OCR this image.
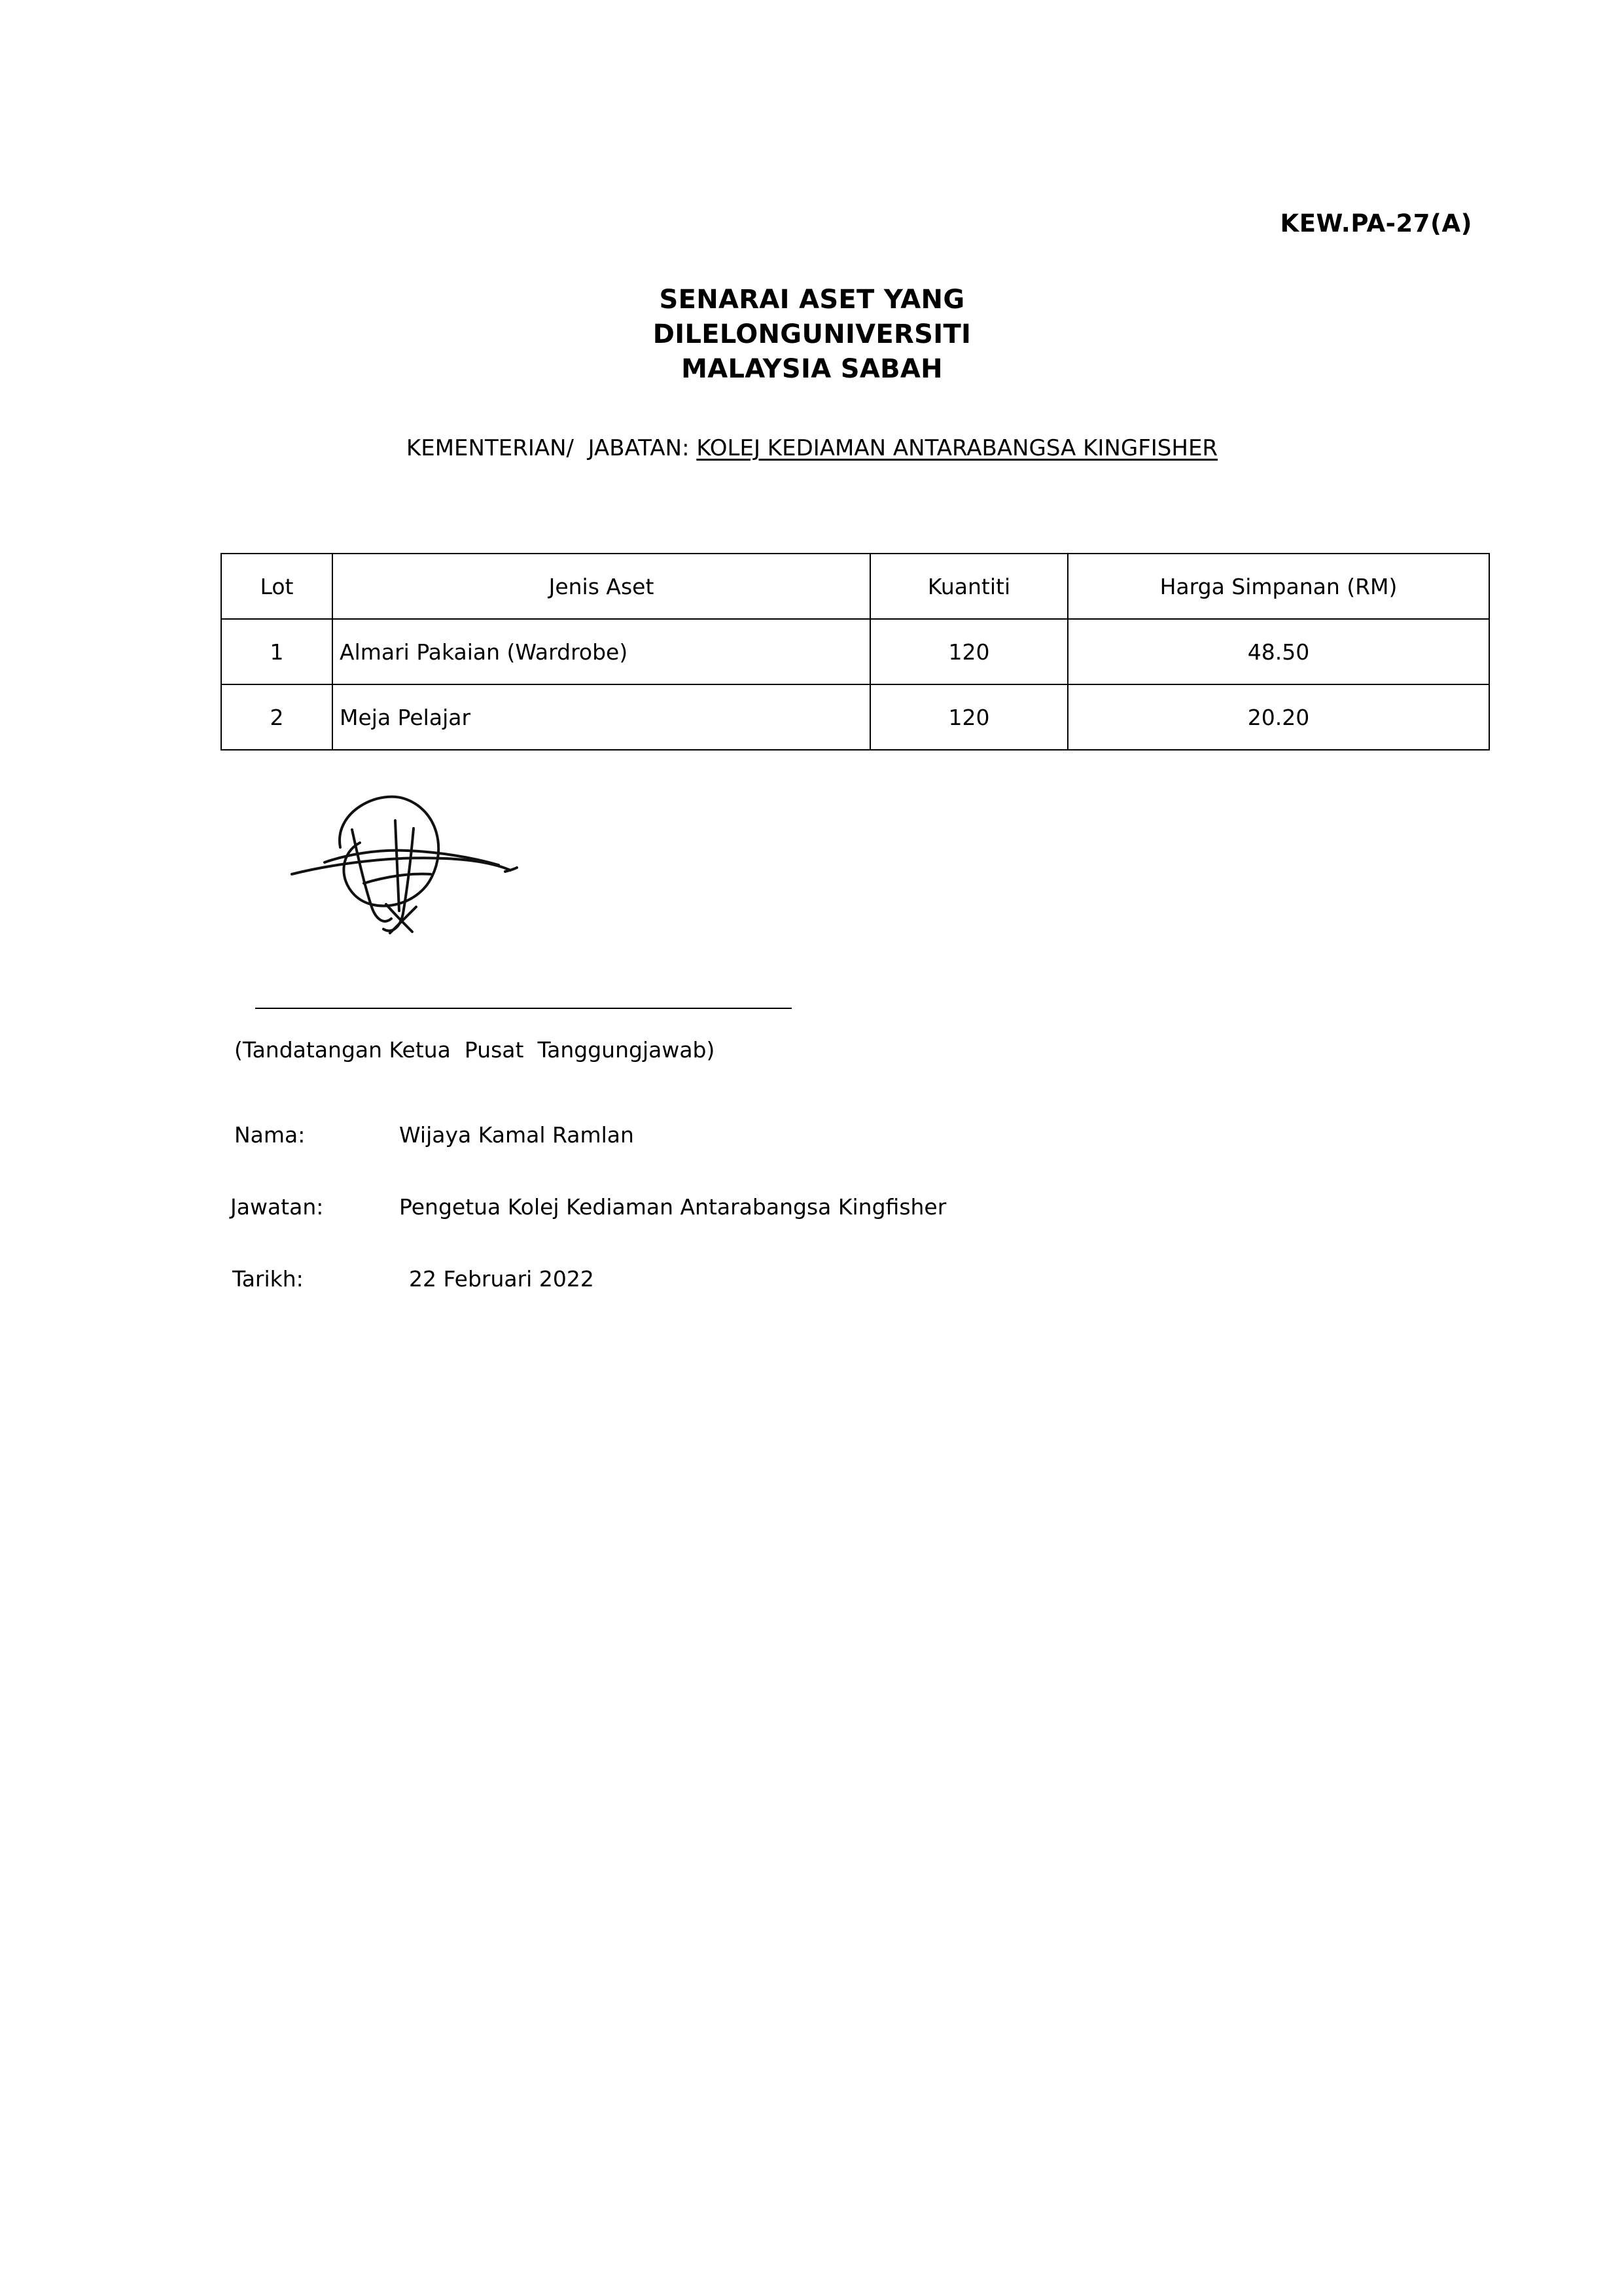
KEW.PA-27(A)
SENARAI ASET YANG
DILELONGUNIVERSITI
MALAYSIA SABAH
KEMENTERIAN/  JABATAN: KOLEJ KEDIAMAN ANTARABANGSA KINGFISHER
Lot	Jenis Aset	Kuantiti	Harga Simpanan (RM)
1	Almari Pakaian (Wardrobe)	120	48.50
2	Meja Pelajar	120	20.20
(Tandatangan Ketua  Pusat  Tanggungjawab)
Nama:	Wijaya Kamal Ramlan
Jawatan:	Pengetua Kolej Kediaman Antarabangsa Kingfisher
Tarikh:	22 Februari 2022
